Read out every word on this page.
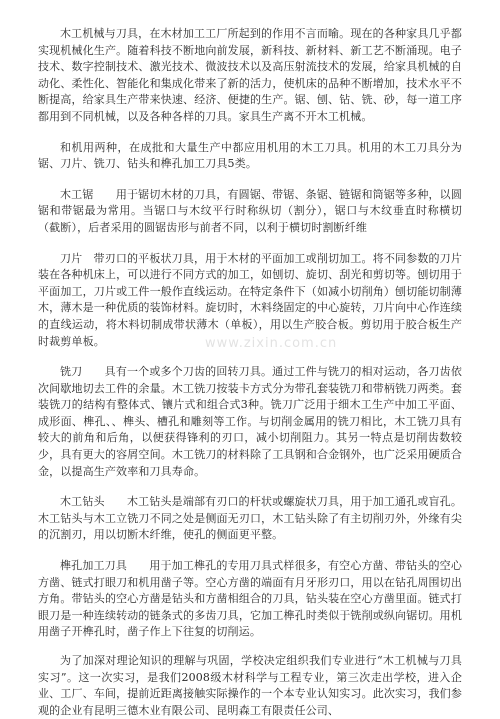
木工机械与刀具，在木材加工工厂所起到的作用不言而喻。现在的各种家具几乎都实现机械化生产。随着科技不断地向前发展，新科技、新材料、新工艺不断涌现。电子技术、数字控制技术、激光技术、微波技术以及高压射流技术的发展，给家具机械的自动化、柔性化、智能化和集成化带来了新的活力，使机床的品种不断增加，技术水平不断提高，给家具生产带来快速、经济、便捷的生产。锯、刨、钻、铣、砂，每一道工序都用到不同机械，以及各种各样的刀具。家具生产离不开木工机械。

和机用两种，在成批和大量生产中都应用机用的木工刀具。机用的木工刀具分为锯、刀片、铣刀、钻头和榫孔加工刀具5类。

木工锯　　用于锯切木材的刀具，有圆锯、带锯、条锯、链锯和筒锯等多种，以圆锯和带锯最为常用。当锯口与木纹平行时称纵切（割分），锯口与木纹垂直时称横切（截断），后者采用的圆锯齿形与前者不同，以利于横切时割断纤维

刀片　带刃口的平板状刀具，用于木材的平面加工或削切加工。将不同参数的刀片装在各种机床上，可以进行不同方式的加工，如刨切、旋切、刮光和剪切等。刨切用于平面加工，刀片或工件一般作直线运动。在特定条件下（如减小切削角）刨切能切制薄木，薄木是一种优质的装饰材料。旋切时，木料绕固定的中心旋转，刀片向中心作连续的直线运动，将木料切制成带状薄木（单板），用以生产胶合板。剪切用于胶合板生产时裁剪单板。

铣刀　　具有一个或多个刀齿的回转刀具。通过工件与铣刀的相对运动，各刀齿依次间歇地切去工件的余量。木工铣刀按装卡方式分为带孔套装铣刀和带柄铣刀两类。套装铣刀的结构有整体式、镶片式和组合式3种。铣刀广泛用于细木工生产中加工平面、成形面、榫孔、、榫头、槽孔和雕刻等工作。与切削金属用的铣刀相比，木工铣刀具有较大的前角和后角，以便获得锋利的刃口，减小切削阻力。其另一特点是切削齿数较少，具有更大的容屑空间。木工铣刀的材料除了工具钢和合金钢外，也广泛采用硬质合金，以提高生产效率和刀具寿命。

木工钻头　　木工钻头是端部有刃口的杆状或螺旋状刀具，用于加工通孔或盲孔。木工钻头与木工立铣刀不同之处是侧面无刃口，木工钻头除了有主切削刃外，外缘有尖的沉割刃，用以切断木纤维，使孔的侧面更平整。

榫孔加工刀具　　用于加工榫孔的专用刀具式样很多，有空心方凿、带钻头的空心方凿、链式打眼刀和机用凿子等。空心方凿的端面有月牙形刃口，用以在钻孔周围切出方角。带钻头的空心方凿是钻头和方凿相组合的刀具，钻头装在空心方凿里面。链式打眼刀是一种连续转动的链条式的多齿刀具，它加工榫孔时类似于铣削或纵向锯切。用机用凿子开榫孔时，凿子作上下往复的切削运。

为了加深对理论知识的理解与巩固，学校决定组织我们专业进行“木工机械与刀具实习”。这一次实习，是我们2008级木材科学与工程专业，第三次走出学校，进入企业、工厂、车间，提前近距离接触实际操作的一个本专业认知实习。此次实习，我们参观的企业有昆明三德木业有限公司、昆明森工有限责任公司、

www.zixin.com.cn
